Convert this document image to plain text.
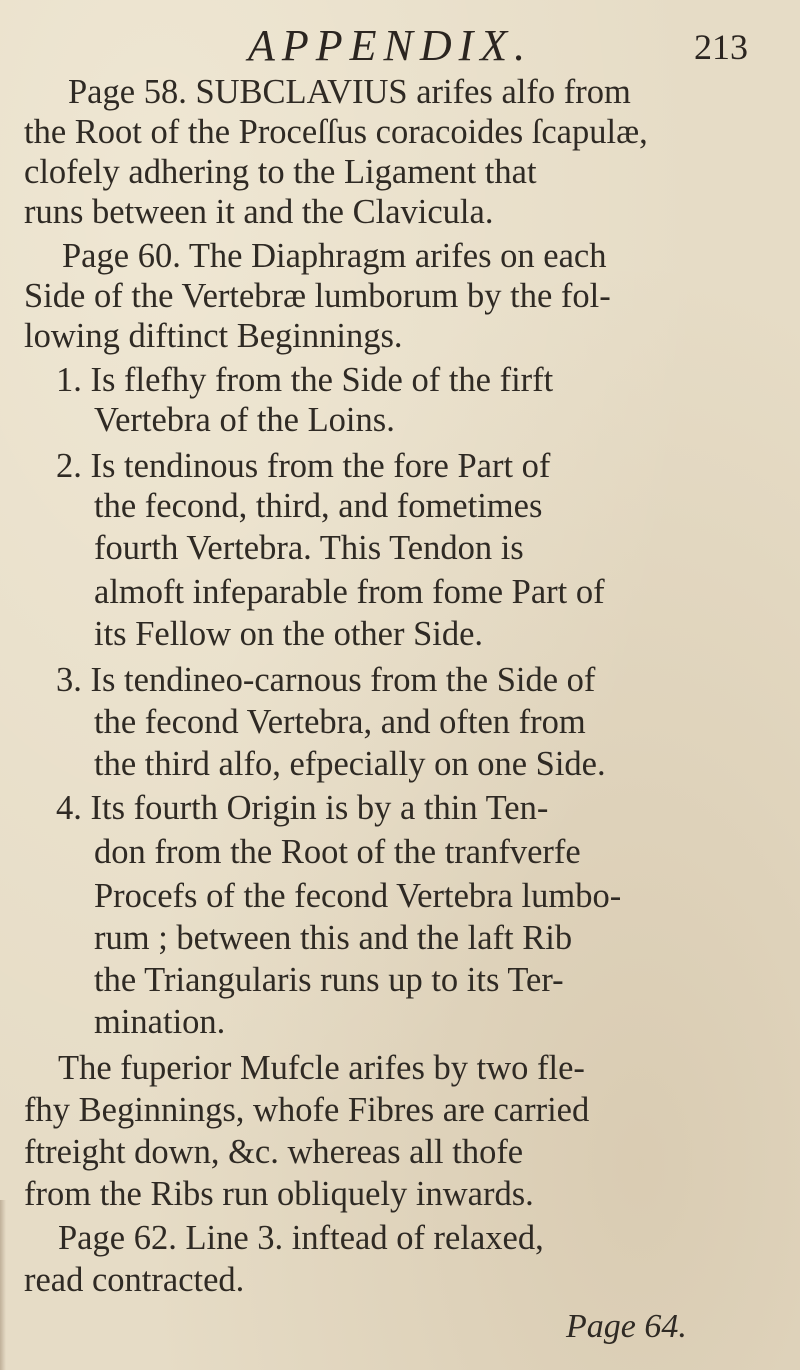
APPENDIX.	213
Page 58. SUBCLAVIUS arifes alfo from
the Root of the Proceſſus coracoides ſcapulæ,
clofely adhering to the Ligament that
runs between it and the Clavicula.
Page 60. The Diaphragm arifes on each
Side of the Vertebræ lumborum by the fol-
lowing diftinct Beginnings.
1. Is flefhy from the Side of the firft
Vertebra of the Loins.
2. Is tendinous from the fore Part of
the fecond, third, and fometimes
fourth Vertebra. This Tendon is
almoft infeparable from fome Part of
its Fellow on the other Side.
3. Is tendineo-carnous from the Side of
the fecond Vertebra, and often from
the third alfo, efpecially on one Side.
4. Its fourth Origin is by a thin Ten-
don from the Root of the tranfverfe
Procefs of the fecond Vertebra lumbo-
rum ; between this and the laft Rib
the Triangularis runs up to its Ter-
mination.
The fuperior Mufcle arifes by two fle-
fhy Beginnings, whofe Fibres are carried
ftreight down, &c. whereas all thofe
from the Ribs run obliquely inwards.
Page 62. Line 3. inftead of relaxed,
read contracted.
Page 64.
